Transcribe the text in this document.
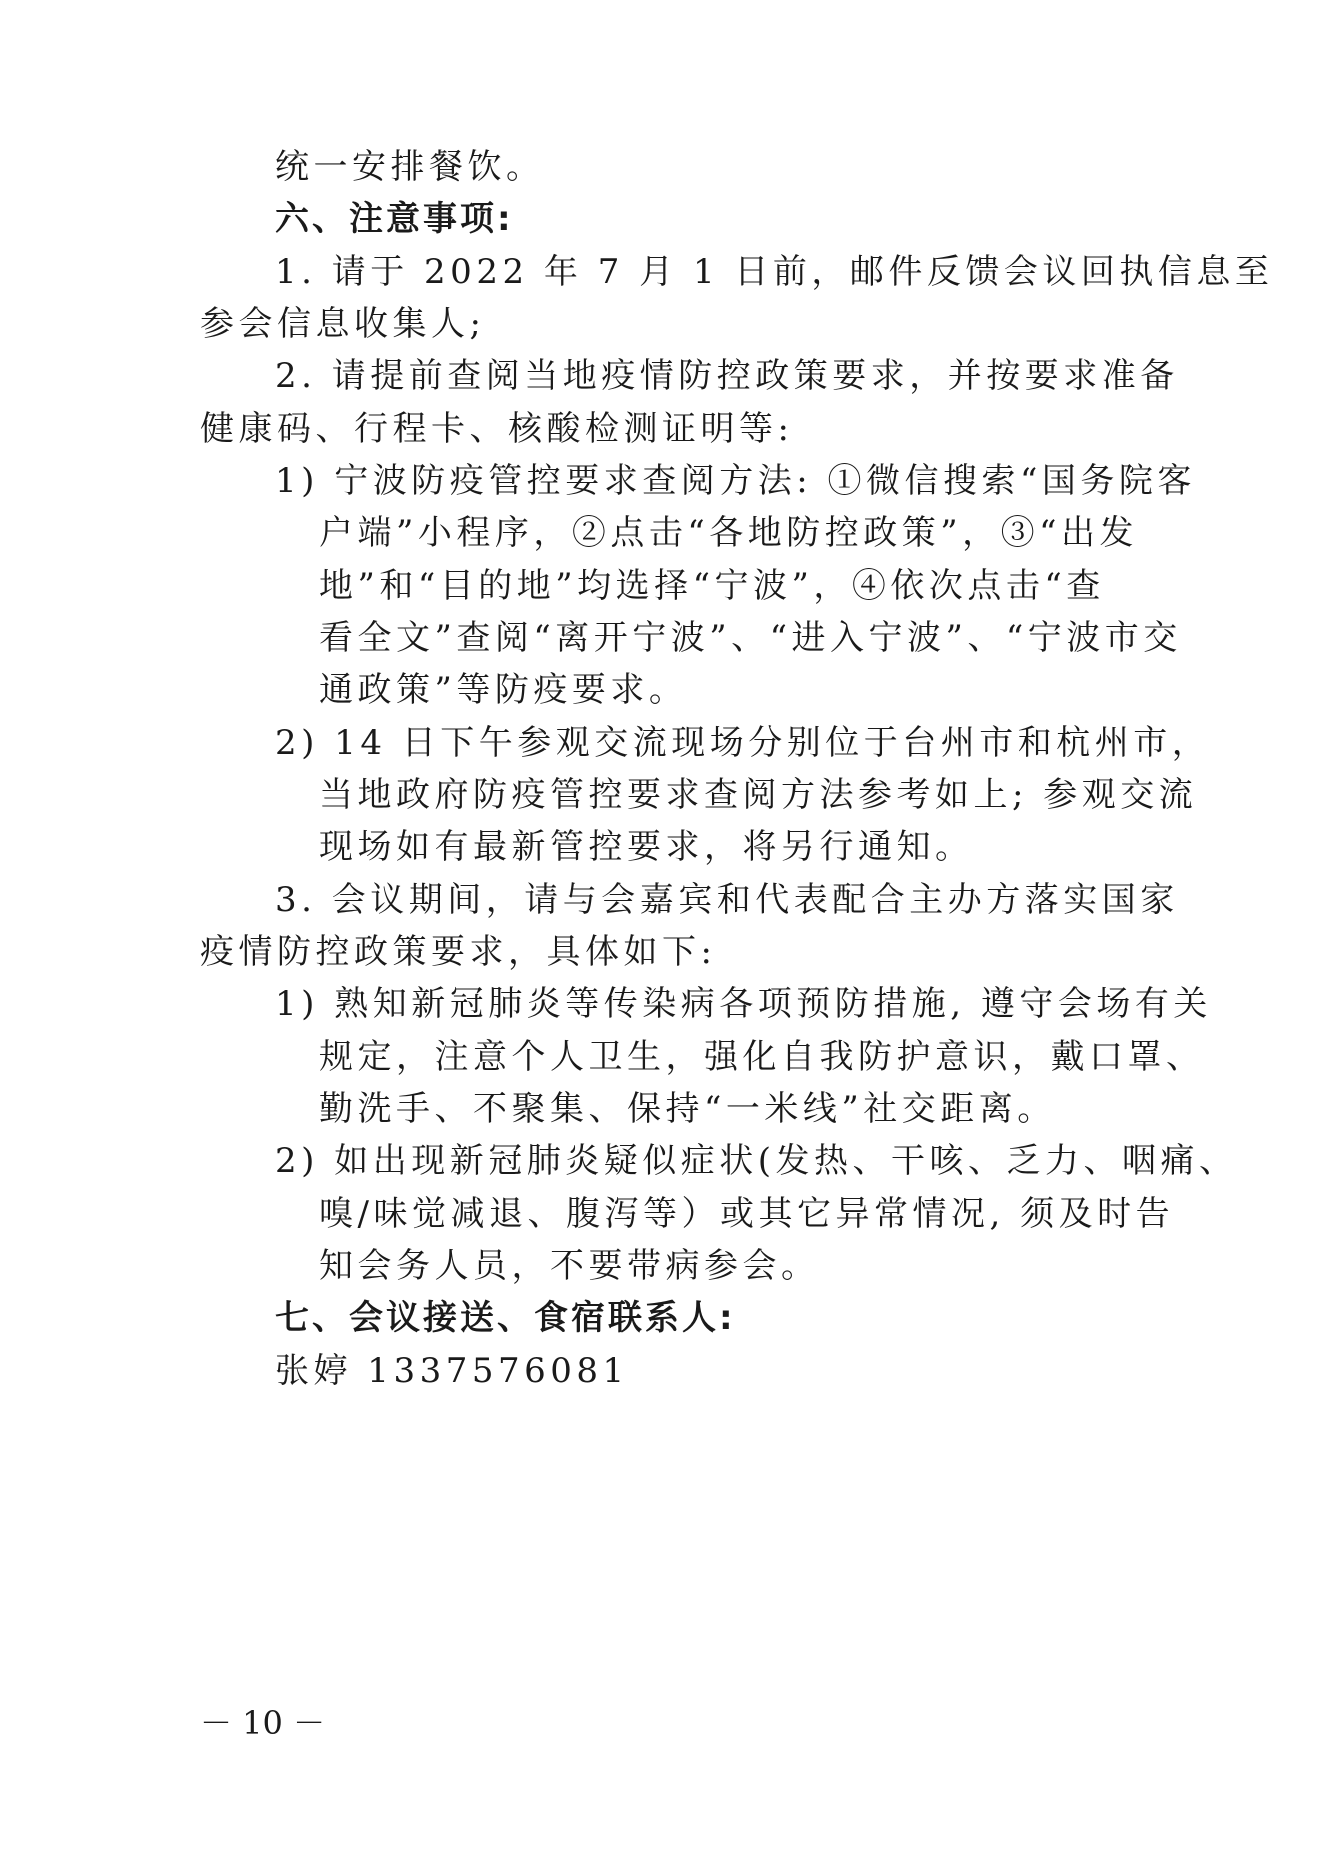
统一安排餐饮。
六、注意事项:
1. 请于 2022 年 7 月 1 日前，邮件反馈会议回执信息至
参会信息收集人;
2. 请提前查阅当地疫情防控政策要求，并按要求准备
健康码、行程卡、核酸检测证明等:
1) 宁波防疫管控要求查阅方法: ①微信搜索“国务院客
户端”小程序，②点击“各地防控政策”，③“出发
地”和“目的地”均选择“宁波”，④依次点击“查
看全文”查阅“离开宁波”、“进入宁波”、“宁波市交
通政策”等防疫要求。
2) 14 日下午参观交流现场分别位于台州市和杭州市，
当地政府防疫管控要求查阅方法参考如上; 参观交流
现场如有最新管控要求，将另行通知。
3. 会议期间，请与会嘉宾和代表配合主办方落实国家
疫情防控政策要求，具体如下:
1) 熟知新冠肺炎等传染病各项预防措施, 遵守会场有关
规定，注意个人卫生，强化自我防护意识，戴口罩、
勤洗手、不聚集、保持“一米线”社交距离。
2) 如出现新冠肺炎疑似症状(发热、干咳、乏力、咽痛、
嗅/味觉减退、腹泻等）或其它异常情况, 须及时告
知会务人员，不要带病参会。
七、会议接送、食宿联系人:
张婷 1337576081
－ 10 －
